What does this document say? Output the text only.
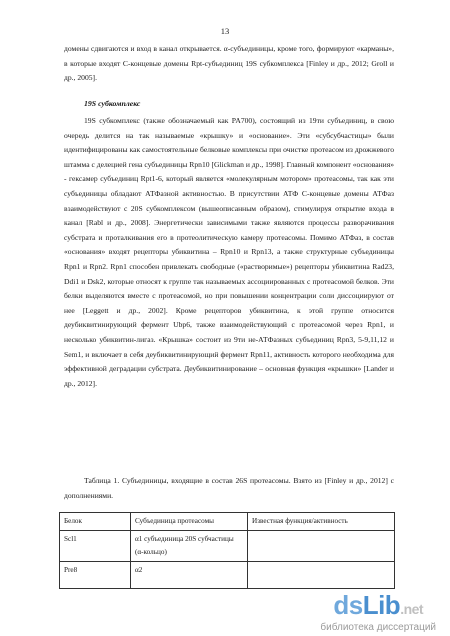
13
домены сдвигаются и вход в канал открывается. α-субъединицы, кроме того, формируют «карманы», в которые входят С-концевые домены Rpt-субъединиц 19S субкомплекса [Finley и др., 2012; Groll и др., 2005].
19S субкомплекс
19S субкомплекс (также обозначаемый как PA700), состоящий из 19ти субъединиц, в свою очередь делится на так называемые «крышку» и «основание». Эти «субсубчастицы» были идентифицированы как самостоятельные белковые комплексы при очистке протеасом из дрожжевого штамма с делецией гена субъединицы Rpn10 [Glickman и др., 1998]. Главный компонент «основания» - гексамер субъединиц Rpt1-6, который является «молекулярным мотором» протеасомы, так как эти субъединицы обладают АТФазной активностью. В присутствии АТФ С-концевые домены АТФаз взаимодействуют с 20S субкомплексом (вышеописанным образом), стимулируя открытие входа в канал [Rabl и др., 2008]. Энергетически зависимыми также являются процессы разворачивания субстрата и проталкивания его в протеолитическую камеру протеасомы. Помимо АТФаз, в состав «основания» входят рецепторы убиквитина – Rpn10 и Rpn13, а также структурные субъединицы Rpn1 и Rpn2. Rpn1 способен привлекать свободные («растворимые») рецепторы убиквитина Rad23, Ddi1 и Dsk2, которые относят к группе так называемых ассоциированных с протеасомой белков. Эти белки выделяются вместе с протеасомой, но при повышении концентрации соли диссоциируют от нее [Leggett и др., 2002]. Кроме рецепторов убиквитина, к этой группе относится деубиквитинирующий фермент Ubp6, также взаимодействующий с протеасомой через Rpn1, и несколько убиквитин-лигаз. «Крышка» состоит из 9ти не-АТФазных субъединиц Rpn3, 5-9,11,12 и Sem1, и включает в себя деубиквитинирующий фермент Rpn11, активность которого необходима для эффективной деградации субстрата. Деубиквитинирование – основная функция «крышки» [Lander и др., 2012].
Таблица 1. Субъединицы, входящие в состав 26S протеасомы. Взято из [Finley и др., 2012] с дополнениями.
Белок	Субъединица протеасомы	Известная функция/активность
Scl1	α1 субъединица 20S субчастицы (α-кольцо)	
Pre8	α2	
dsLib.net
библиотека диссертаций
